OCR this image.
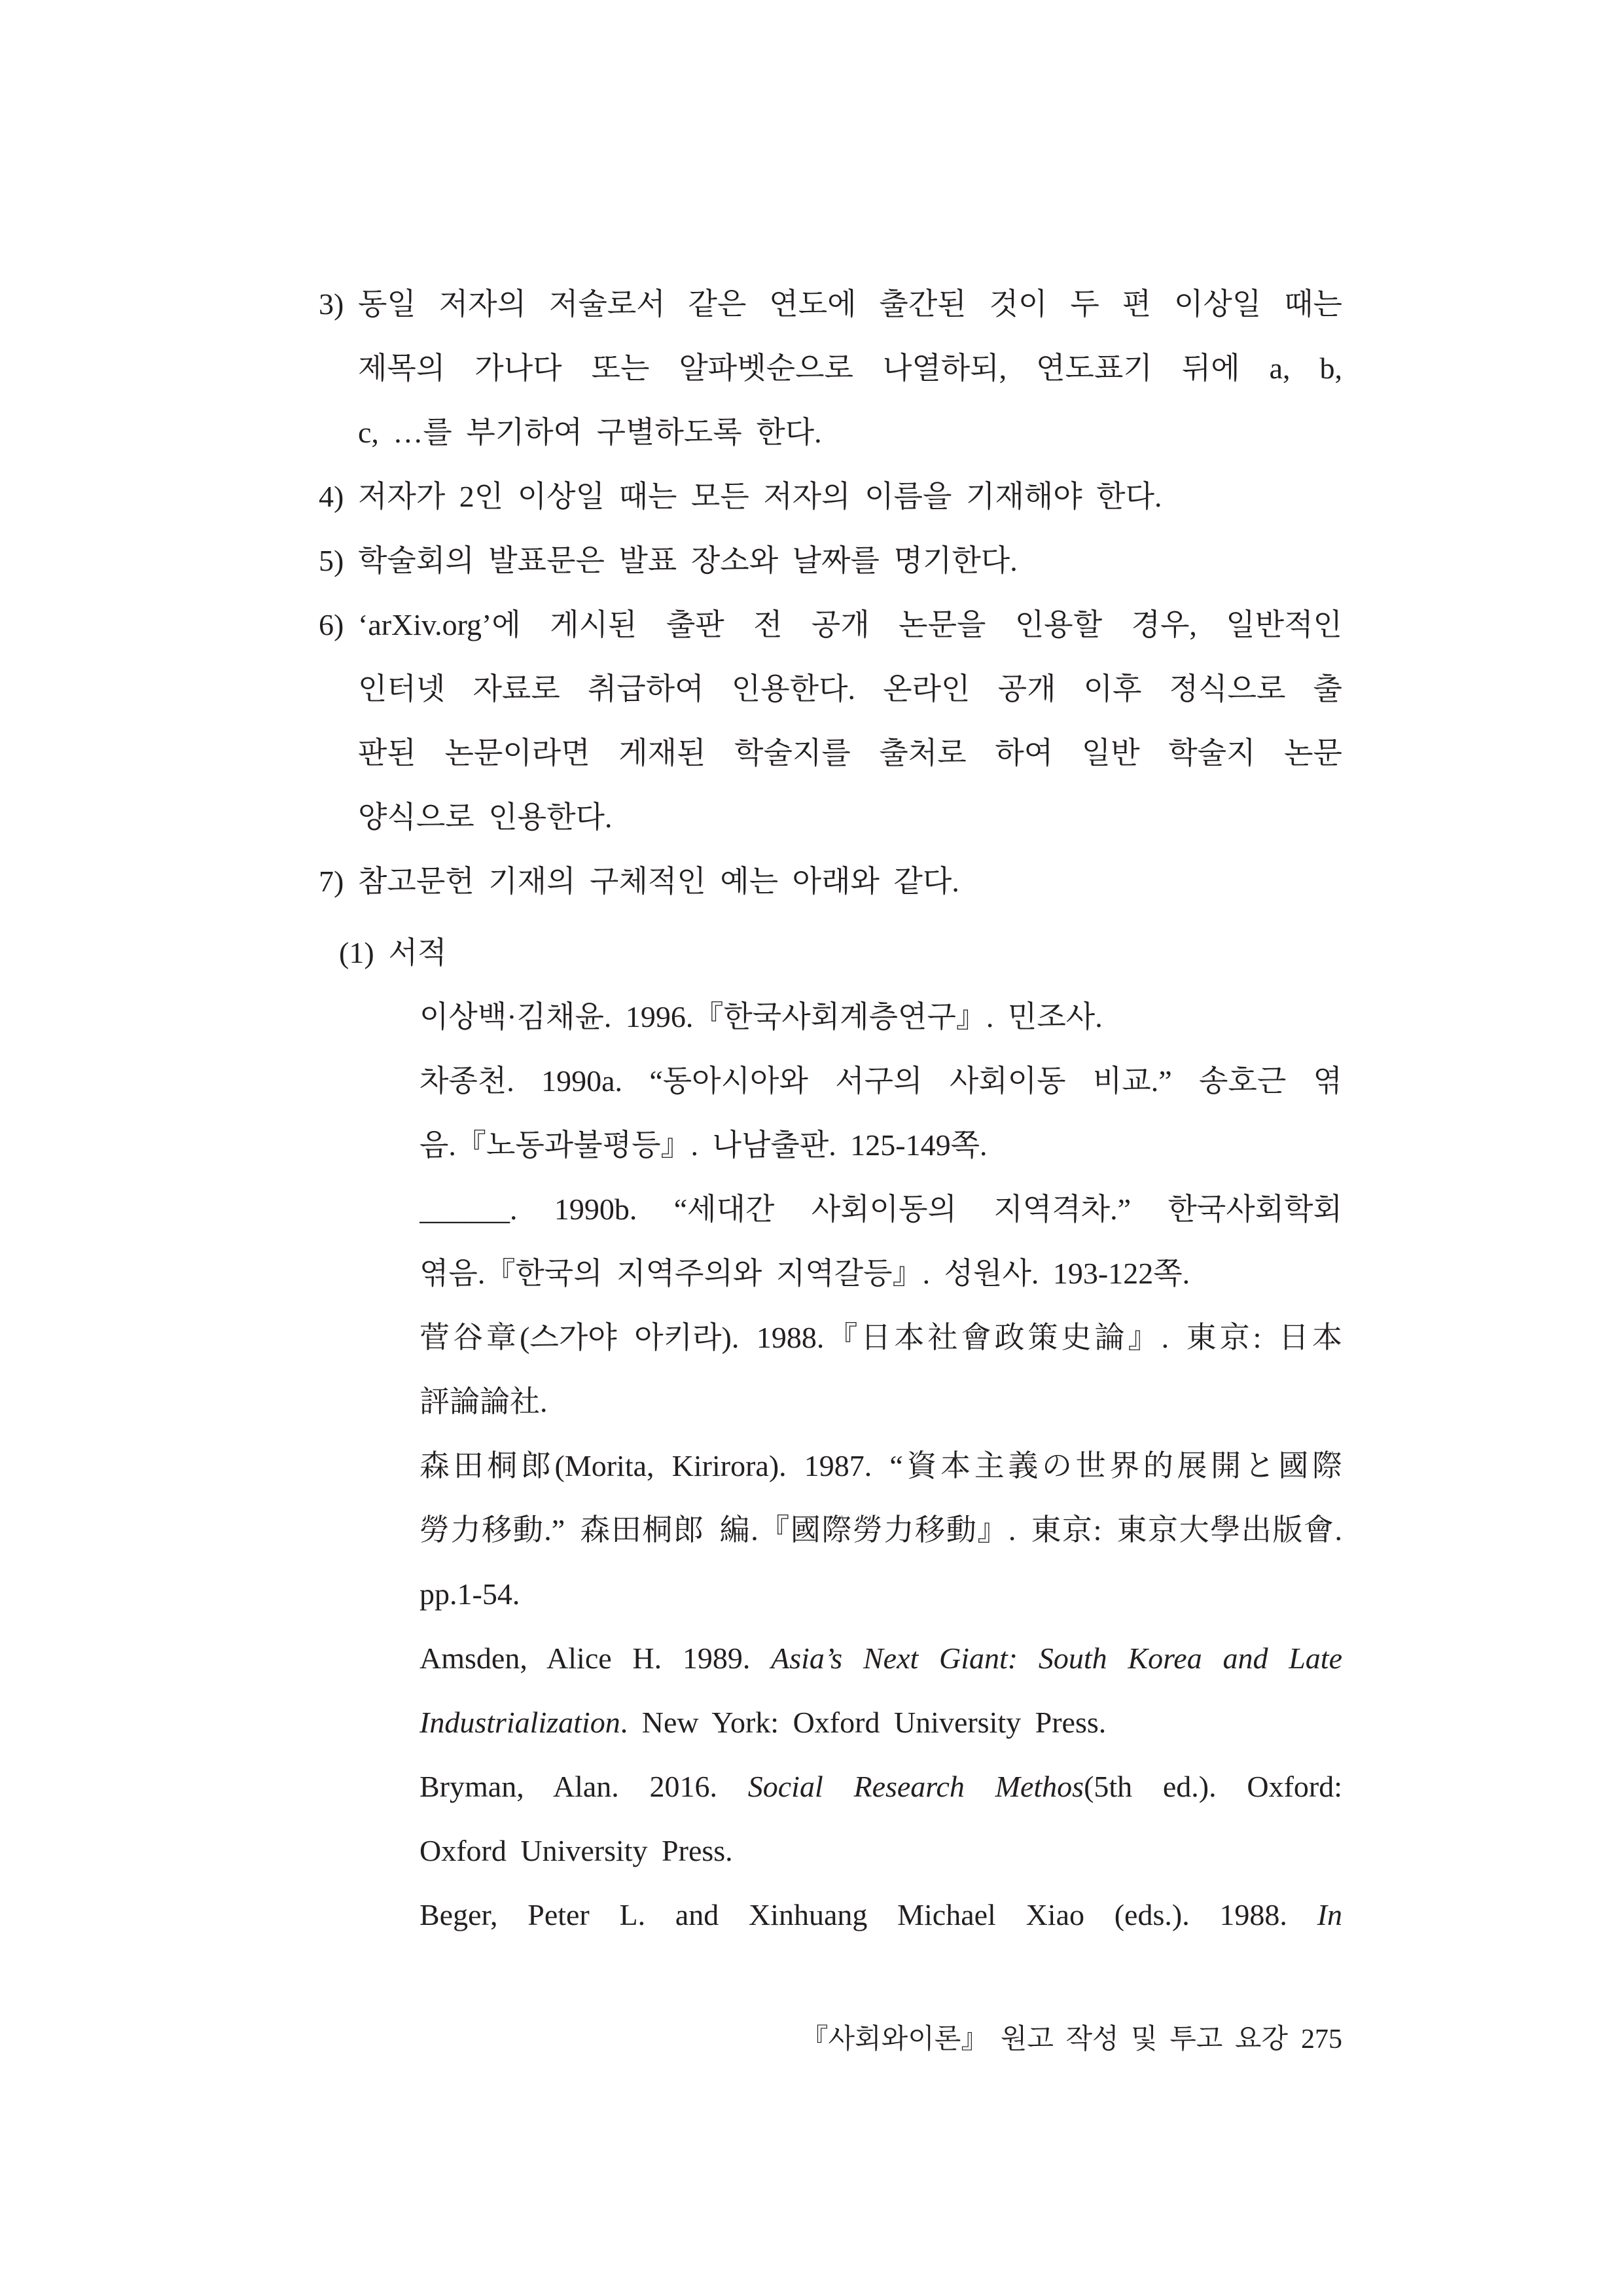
3) 동일 저자의 저술로서 같은 연도에 출간된 것이 두 편 이상일 때는
제목의 가나다 또는 알파벳순으로 나열하되, 연도표기 뒤에 a, b,
c, …를 부기하여 구별하도록 한다.
4) 저자가 2인 이상일 때는 모든 저자의 이름을 기재해야 한다.
5) 학술회의 발표문은 발표 장소와 날짜를 명기한다.
6) ‘arXiv.org’에 게시된 출판 전 공개 논문을 인용할 경우, 일반적인
인터넷 자료로 취급하여 인용한다. 온라인 공개 이후 정식으로 출
판된 논문이라면 게재된 학술지를 출처로 하여 일반 학술지 논문
양식으로 인용한다.
7) 참고문헌 기재의 구체적인 예는 아래와 같다.
(1) 서적
이상백·김채윤. 1996.『한국사회계층연구』. 민조사.
차종천. 1990a. “동아시아와 서구의 사회이동 비교.” 송호근 엮
음.『노동과불평등』. 나남출판. 125-149쪽.
______. 1990b. “세대간 사회이동의 지역격차.” 한국사회학회
엮음.『한국의 지역주의와 지역갈등』. 성원사. 193-122쪽.
菅谷章(스가야 아키라). 1988.『日本社會政策史論』. 東京: 日本
評論論社.
森田桐郎(Morita, Kirirora). 1987. “資本主義の世界的展開と國際
勞力移動.” 森田桐郎 編.『國際勞力移動』. 東京: 東京大學出版會.
pp.1-54.
Amsden, Alice H. 1989. Asia’s Next Giant: South Korea and Late
Industrialization. New York: Oxford University Press.
Bryman, Alan. 2016. Social Research Methos(5th ed.). Oxford:
Oxford University Press.
Beger, Peter L. and Xinhuang Michael Xiao (eds.). 1988. In
『사회와이론』 원고 작성 및 투고 요강 275
